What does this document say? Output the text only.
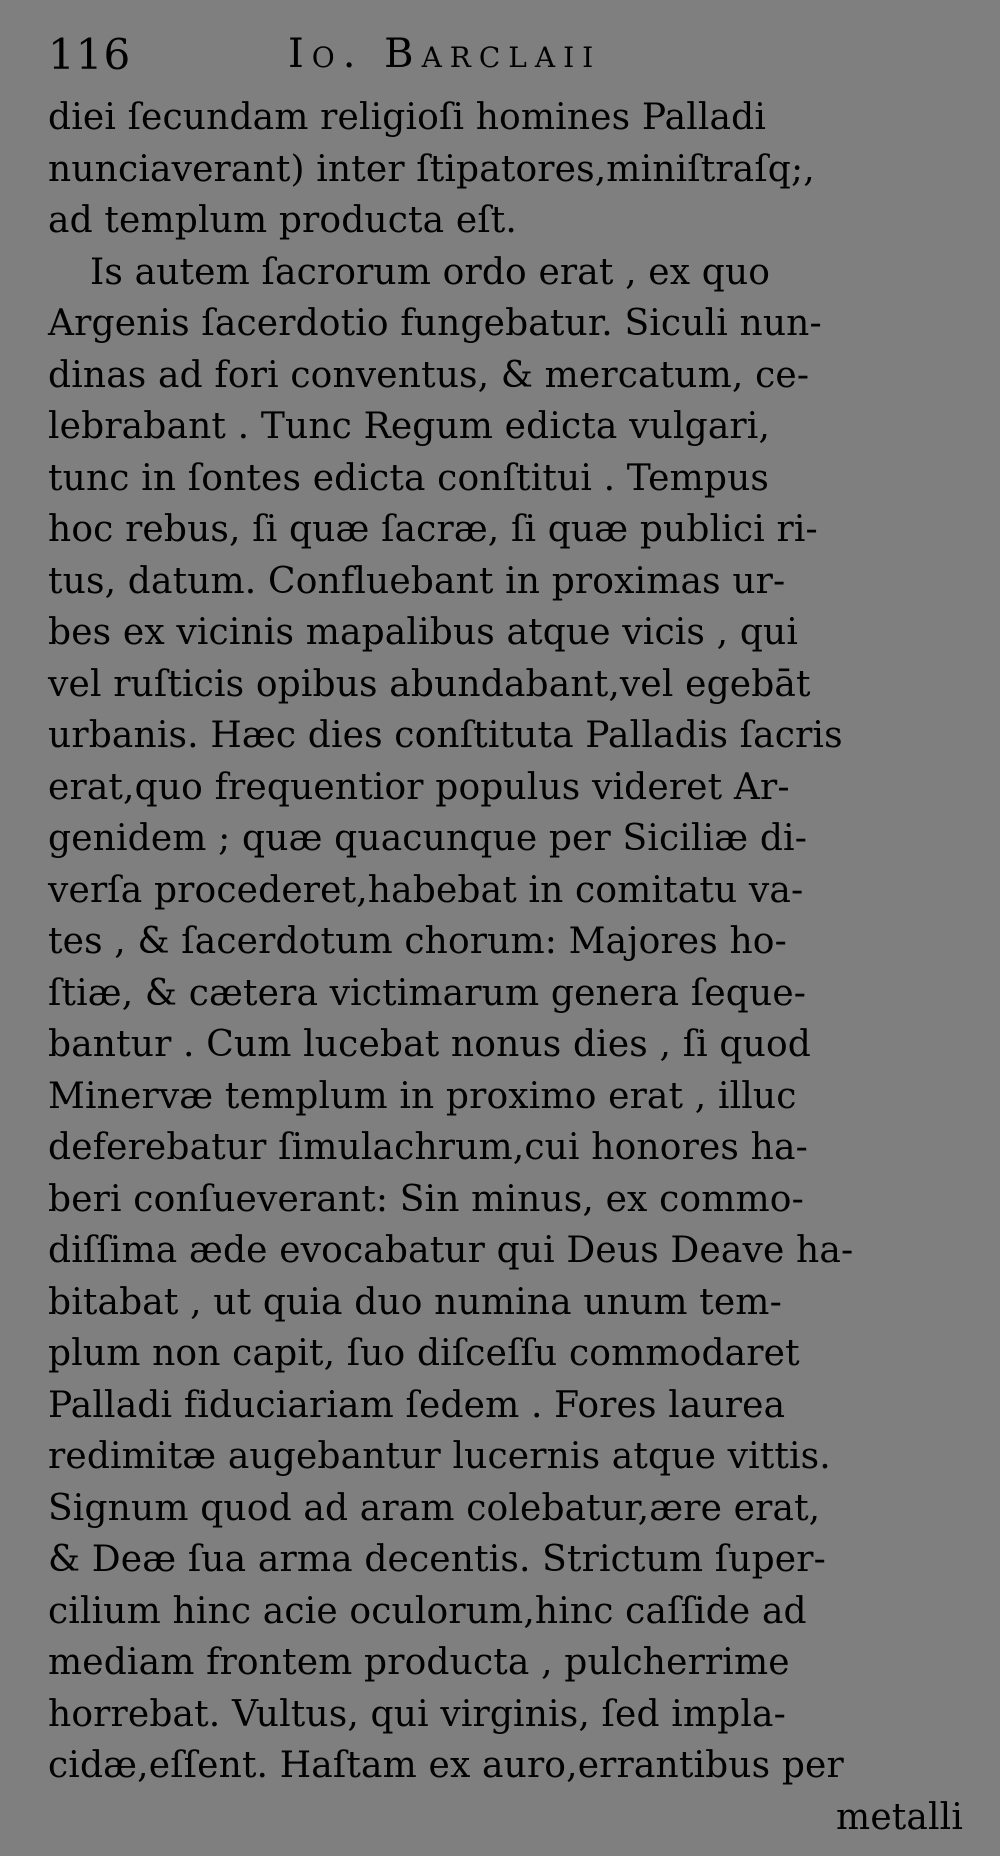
116	Io. Barclaii
diei ſecundam religioſi homines Palladi
nunciaverant) inter ſtipatores,miniſtraſq;,
ad templum producta eſt.
Is autem ſacrorum ordo erat , ex quo
Argenis ſacerdotio fungebatur. Siculi nun-
dinas ad fori conventus, & mercatum, ce-
lebrabant . Tunc Regum edicta vulgari,
tunc in ſontes edicta conſtitui . Tempus
hoc rebus, ſi quæ ſacræ, ſi quæ publici ri-
tus, datum. Confluebant in proximas ur-
bes ex vicinis mapalibus atque vicis , qui
vel ruſticis opibus abundabant,vel egebāt
urbanis. Hæc dies conſtituta Palladis ſacris
erat,quo frequentior populus videret Ar-
genidem ; quæ quacunque per Siciliæ di-
verſa procederet,habebat in comitatu va-
tes , & ſacerdotum chorum: Majores ho-
ſtiæ, & cætera victimarum genera ſeque-
bantur . Cum lucebat nonus dies , ſi quod
Minervæ templum in proximo erat , illuc
deferebatur ſimulachrum,cui honores ha-
beri conſueverant: Sin minus, ex commo-
diſſima æde evocabatur qui Deus Deave ha-
bitabat , ut quia duo numina unum tem-
plum non capit, ſuo diſceſſu commodaret
Palladi fiduciariam ſedem . Fores laurea
redimitæ augebantur lucernis atque vittis.
Signum quod ad aram colebatur,ære erat,
& Deæ ſua arma decentis. Strictum ſuper-
cilium hinc acie oculorum,hinc caſſide ad
mediam frontem producta , pulcherrime
horrebat. Vultus, qui virginis, ſed impla-
cidæ,eſſent. Haſtam ex auro,errantibus per
metalli
